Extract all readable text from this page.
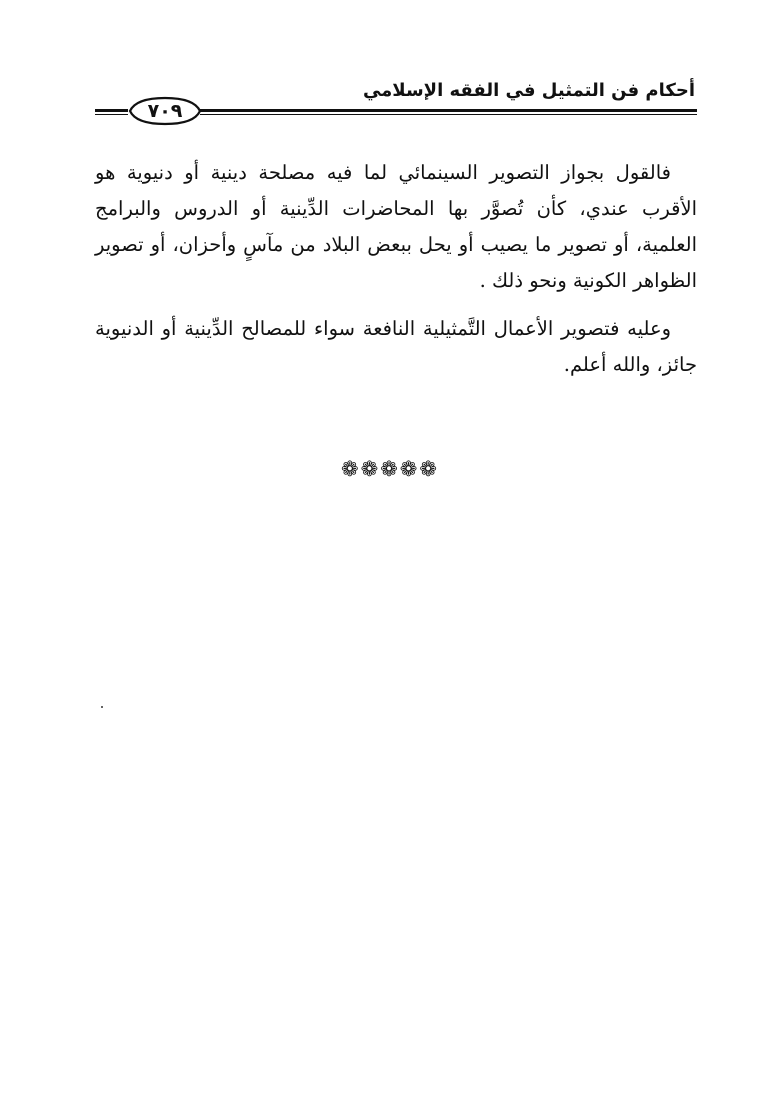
أحكام فن التمثيل في الفقه الإسلامي
٧٠٩

فالقول بجواز التصوير السينمائي لما فيه مصلحة دينية أو دنيوية هو الأقرب عندي، كأن تُصوَّر بها المحاضرات الدِّينية أو الدروس والبرامج العلمية، أو تصوير ما يصيب أو يحل ببعض البلاد من مآسٍ وأحزان، أو تصوير الظواهر الكونية ونحو ذلك .

وعليه فتصوير الأعمال التَّمثيلية النافعة سواء للمصالح الدِّينية أو الدنيوية جائز، والله أعلم.

❁❁❁❁❁
